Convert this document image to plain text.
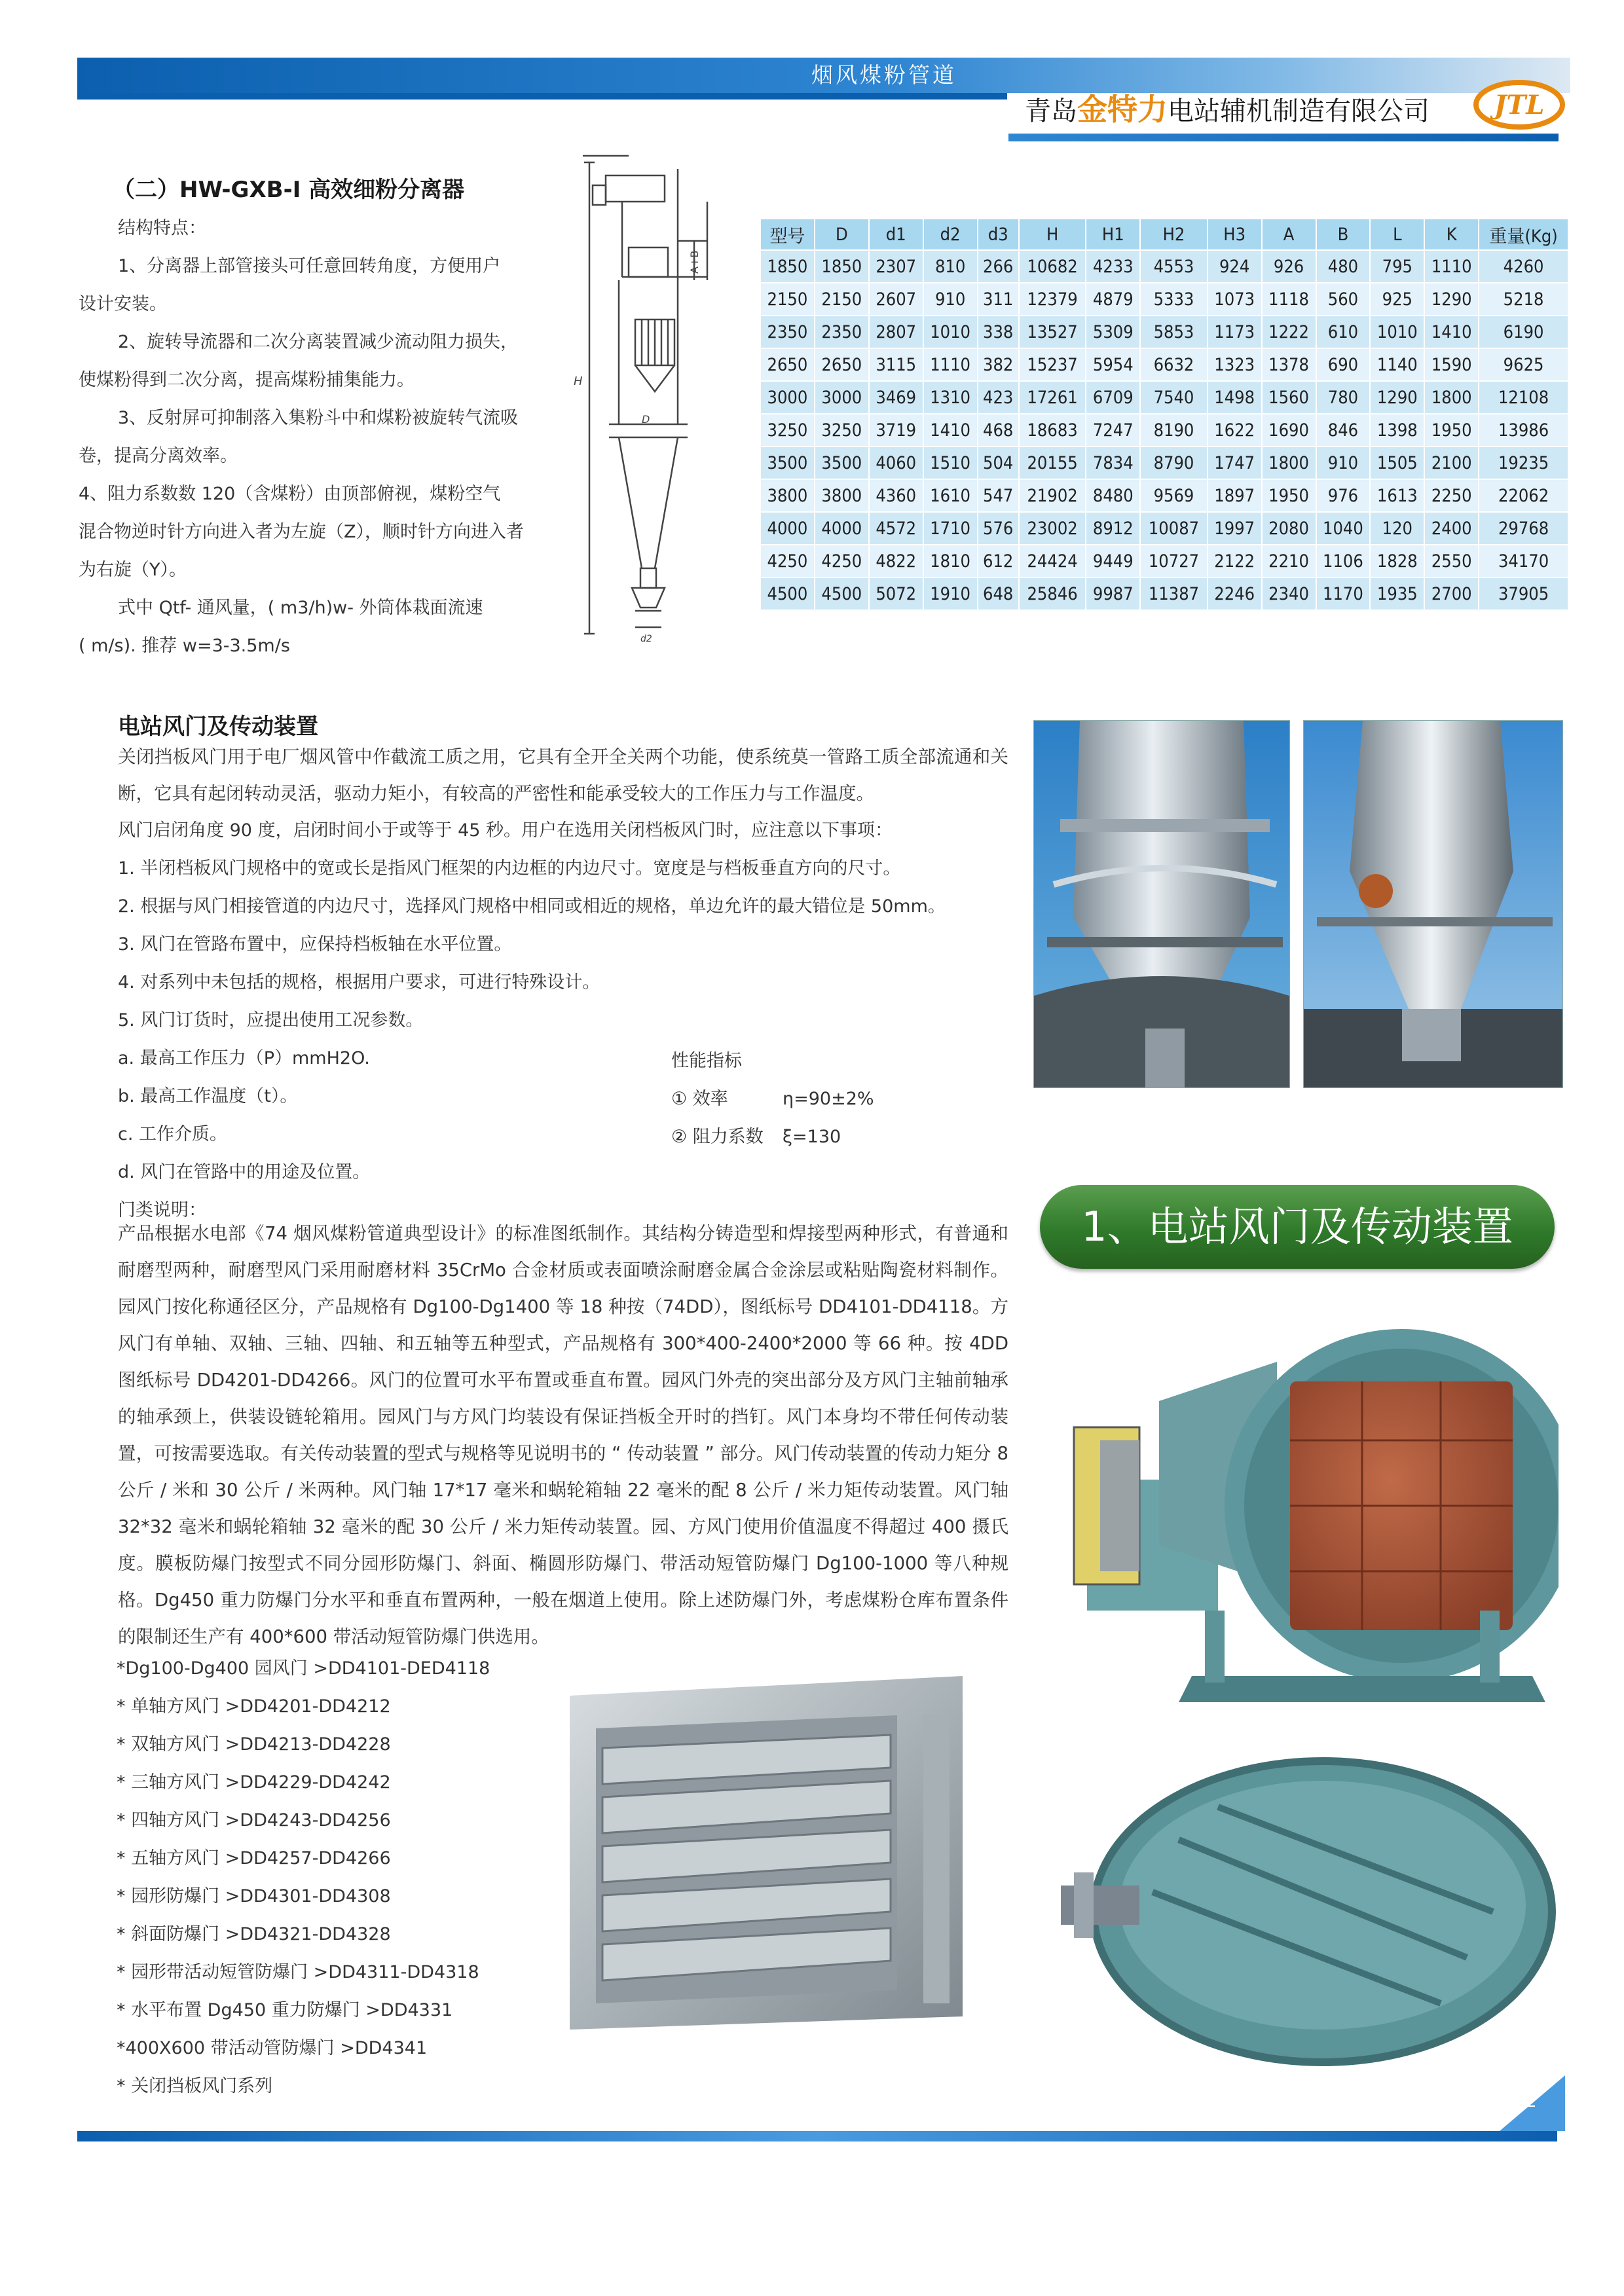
烟风煤粉管道
青岛金特力电站辅机制造有限公司 JTL
（二）HW-GXB-I 高效细粉分离器
结构特点：
1、分离器上部管接头可任意回转角度，方便用户
设计安装。
2、旋转导流器和二次分离装置减少流动阻力损失，
使煤粉得到二次分离，提高煤粉捕集能力。
3、反射屏可抑制落入集粉斗中和煤粉被旋转气流吸
卷，提高分离效率。
4、阻力系数数 120（含煤粉）由顶部俯视，煤粉空气
混合物逆时针方向进入者为左旋（Z），顺时针方向进入者
为右旋（Y）。
式中 Qtf- 通风量，( m3/h)w- 外筒体栽面流速
( m/s). 推荐 w=3-3.5m/s
A+B
H
D
d2
型号	D	d1	d2	d3	H	H1	H2	H3	A	B	L	K	重量(Kg)
1850	1850	2307	810	266	10682	4233	4553	924	926	480	795	1110	4260
2150	2150	2607	910	311	12379	4879	5333	1073	1118	560	925	1290	5218
2350	2350	2807	1010	338	13527	5309	5853	1173	1222	610	1010	1410	6190
2650	2650	3115	1110	382	15237	5954	6632	1323	1378	690	1140	1590	9625
3000	3000	3469	1310	423	17261	6709	7540	1498	1560	780	1290	1800	12108
3250	3250	3719	1410	468	18683	7247	8190	1622	1690	846	1398	1950	13986
3500	3500	4060	1510	504	20155	7834	8790	1747	1800	910	1505	2100	19235
3800	3800	4360	1610	547	21902	8480	9569	1897	1950	976	1613	2250	22062
4000	4000	4572	1710	576	23002	8912	10087	1997	2080	1040	120	2400	29768
4250	4250	4822	1810	612	24424	9449	10727	2122	2210	1106	1828	2550	34170
4500	4500	5072	1910	648	25846	9987	11387	2246	2340	1170	1935	2700	37905
电站风门及传动装置
关闭挡板风门用于电厂烟风管中作截流工质之用，它具有全开全关两个功能，使系统莫一管路工质全部流通和关断，它具有起闭转动灵活，驱动力矩小，有较高的严密性和能承受较大的工作压力与工作温度。
风门启闭角度 90 度，启闭时间小于或等于 45 秒。用户在选用关闭档板风门时，应注意以下事项：
1. 半闭档板风门规格中的宽或长是指风门框架的内边框的内边尺寸。宽度是与档板垂直方向的尺寸。
2. 根据与风门相接管道的内边尺寸，选择风门规格中相同或相近的规格，单边允许的最大错位是 50mm。
3. 风门在管路布置中，应保持档板轴在水平位置。
4. 对系列中未包括的规格，根据用户要求，可进行特殊设计。
5. 风门订货时，应提出使用工况参数。
a. 最高工作压力（P）mmH2O.
b. 最高工作温度（t）。
c. 工作介质。
d. 风门在管路中的用途及位置。
门类说明：
性能指标
① 效率	η=90±2%
② 阻力系数 ξ=130
产品根据水电部《74 烟风煤粉管道典型设计》的标准图纸制作。其结构分铸造型和焊接型两种形式，有普通和耐磨型两种，耐磨型风门采用耐磨材料 35CrMo 合金材质或表面喷涂耐磨金属合金涂层或粘贴陶瓷材料制作。园风门按化称通径区分，产品规格有 Dg100-Dg1400 等 18 种按（74DD），图纸标号 DD4101-DD4118。方风门有单轴、双轴、三轴、四轴、和五轴等五种型式，产品规格有 300*400-2400*2000 等 66 种。按 4DD 图纸标号 DD4201-DD4266。风门的位置可水平布置或垂直布置。园风门外壳的突出部分及方风门主轴前轴承的轴承颈上，供装设链轮箱用。园风门与方风门均装设有保证挡板全开时的挡钉。风门本身均不带任何传动装置，可按需要选取。有关传动装置的型式与规格等见说明书的 “ 传动装置 ” 部分。风门传动装置的传动力矩分 8 公斤 / 米和 30 公斤 / 米两种。风门轴 17*17 毫米和蜗轮箱轴 22 毫米的配 8 公斤 / 米力矩传动装置。风门轴 32*32 毫米和蜗轮箱轴 32 毫米的配 30 公斤 / 米力矩传动装置。园、方风门使用价值温度不得超过 400 摄氏度。膜板防爆门按型式不同分园形防爆门、斜面、椭圆形防爆门、带活动短管防爆门 Dg100-1000 等八种规格。Dg450 重力防爆门分水平和垂直布置两种，一般在烟道上使用。除上述防爆门外，考虑煤粉仓库布置条件的限制还生产有 400*600 带活动短管防爆门供选用。
*Dg100-Dg400 园风门 >DD4101-DED4118
* 单轴方风门 >DD4201-DD4212
* 双轴方风门 >DD4213-DD4228
* 三轴方风门 >DD4229-DD4242
* 四轴方风门 >DD4243-DD4256
* 五轴方风门 >DD4257-DD4266
* 园形防爆门 >DD4301-DD4308
* 斜面防爆门 >DD4321-DD4328
* 园形带活动短管防爆门 >DD4311-DD4318
* 水平布置 Dg450 重力防爆门 >DD4331
*400X600 带活动管防爆门 >DD4341
* 关闭挡板风门系列
1、电站风门及传动装置
22
